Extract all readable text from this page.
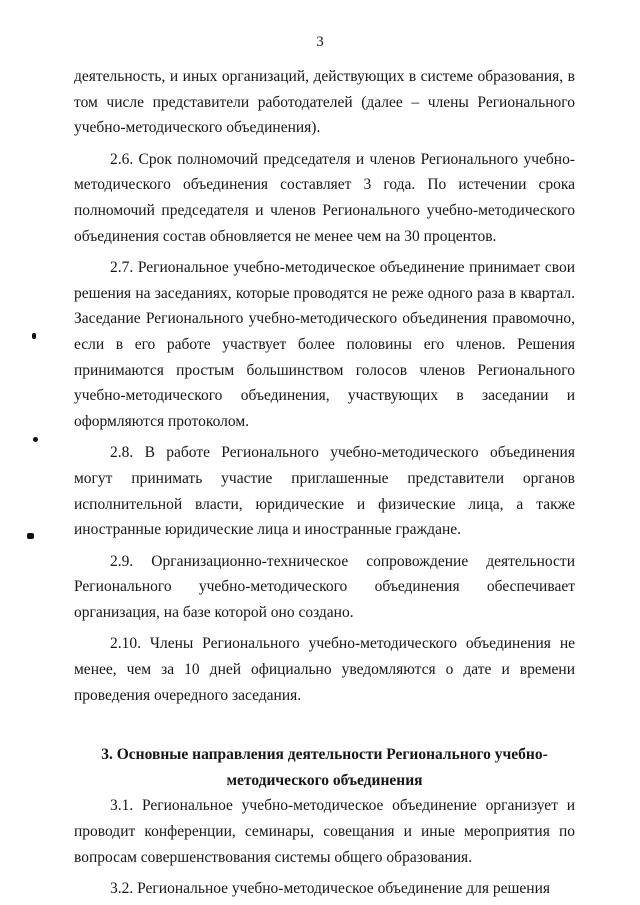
3

деятельность, и иных организаций, действующих в системе образования, в том числе представители работодателей (далее – члены Регионального учебно-методического объединения).

2.6. Срок полномочий председателя и членов Регионального учебно-методического объединения составляет 3 года. По истечении срока полномочий председателя и членов Регионального учебно-методического объединения состав обновляется не менее чем на 30 процентов.

2.7. Региональное учебно-методическое объединение принимает свои решения на заседаниях, которые проводятся не реже одного раза в квартал. Заседание Регионального учебно-методического объединения правомочно, если в его работе участвует более половины его членов. Решения принимаются простым большинством голосов членов Регионального учебно-методического объединения, участвующих в заседании и оформляются протоколом.

2.8. В работе Регионального учебно-методического объединения могут принимать участие приглашенные представители органов исполнительной власти, юридические и физические лица, а также иностранные юридические лица и иностранные граждане.

2.9. Организационно-техническое сопровождение деятельности Регионального учебно-методического объединения обеспечивает организация, на базе которой оно создано.

2.10. Члены Регионального учебно-методического объединения не менее, чем за 10 дней официально уведомляются о дате и времени проведения очередного заседания.

3. Основные направления деятельности Регионального учебно-
методического объединения

3.1. Региональное учебно-методическое объединение организует и проводит конференции, семинары, совещания и иные мероприятия по вопросам совершенствования системы общего образования.

3.2. Региональное учебно-методическое объединение для решения
